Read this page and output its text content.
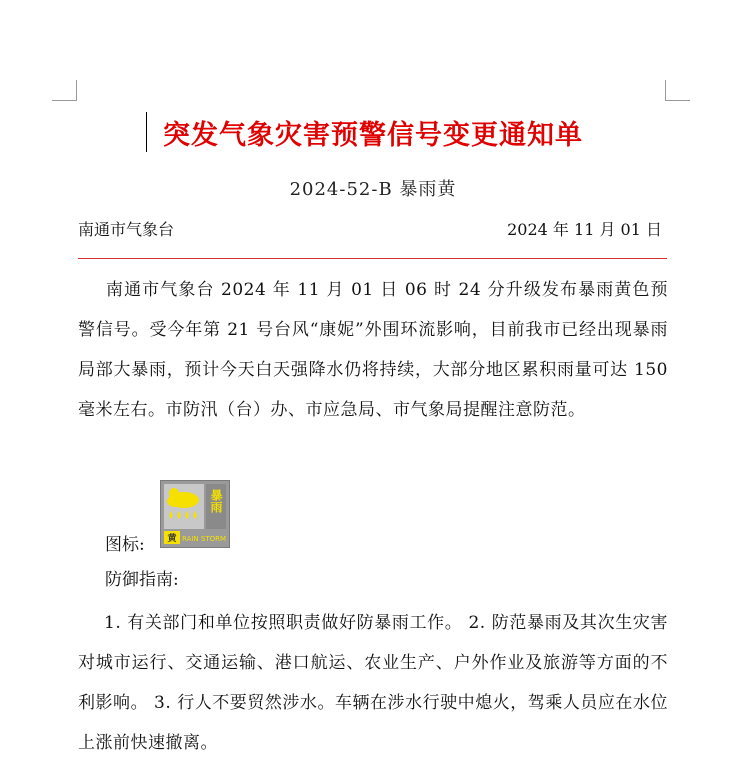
突发气象灾害预警信号变更通知单
2024-52-B 暴雨黄
南通市气象台	2024 年 11 月 01 日
南通市气象台 2024 年 11 月 01 日 06 时 24 分升级发布暴雨黄色预警信号。受今年第 21 号台风“康妮”外围环流影响，目前我市已经出现暴雨局部大暴雨，预计今天白天强降水仍将持续，大部分地区累积雨量可达 150 毫米左右。市防汛（台）办、市应急局、市气象局提醒注意防范。
图标:
暴雨
黄 RAIN STORM
防御指南:
1. 有关部门和单位按照职责做好防暴雨工作。 2. 防范暴雨及其次生灾害对城市运行、交通运输、港口航运、农业生产、户外作业及旅游等方面的不利影响。 3. 行人不要贸然涉水。车辆在涉水行驶中熄火，驾乘人员应在水位上涨前快速撤离。
